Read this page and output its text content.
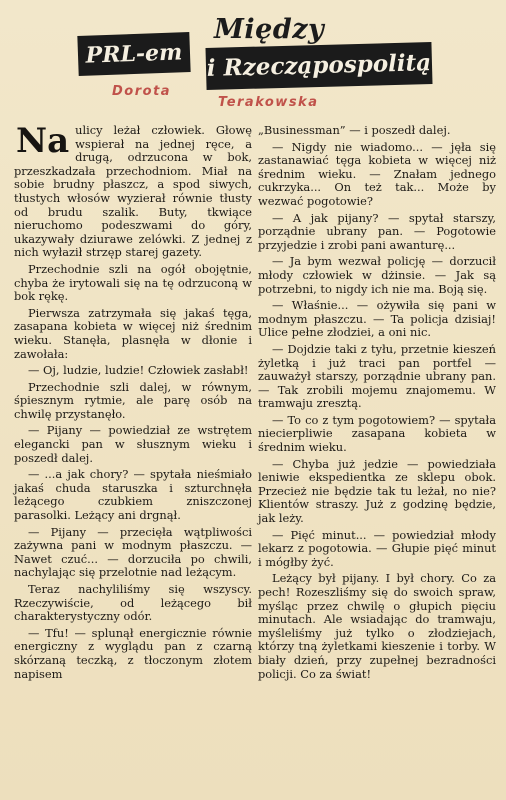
Między
PRL-em	i Rzecząpospolitą
Dorota
Terakowska

Na ulicy leżał człowiek. Głowę wspierał na jednej ręce, a drugą, odrzucona w bok, przeszkadzała przechodniom. Miał na sobie brudny płaszcz, a spod siwych, tłustych włosów wyzierał równie tłusty od brudu szalik. Buty, tkwiące nieruchomo podeszwami do góry, ukazywały dziurawe zelówki. Z jednej z nich wyłaził strzęp starej gazety.

Przechodnie szli na ogół obojętnie, chyba że irytowali się na tę odrzuconą w bok rękę.

Pierwsza zatrzymała się jakaś tęga, zasapana kobieta w więcej niż średnim wieku. Stanęła, plasnęła w dłonie i zawołała:

— Oj, ludzie, ludzie! Człowiek zasłabł!

Przechodnie szli dalej, w równym, śpiesznym rytmie, ale parę osób na chwilę przystanęło.

— Pijany — powiedział ze wstrętem elegancki pan w słusznym wieku i poszedł dalej.

— ...a jak chory? — spytała nieśmiało jakaś chuda staruszka i szturchnęła leżącego czubkiem zniszczonej parasolki. Leżący ani drgnął.

— Pijany — przecięła wątpliwości zażywna pani w modnym płaszczu. — Nawet czuć... — dorzuciła po chwili, nachylając się przelotnie nad leżącym.

Teraz nachyliliśmy się wszyscy. Rzeczywiście, od leżącego bił charakterystyczny odór.

— Tfu! — splunął energicznie równie energiczny z wyglądu pan z czarną skórzaną teczką, z tłoczonym złotem napisem

„Businessman” — i poszedł dalej.

— Nigdy nie wiadomo... — jęła się zastanawiać tęga kobieta w więcej niż średnim wieku. — Znałam jednego cukrzyka... On też tak... Może by wezwać pogotowie?

— A jak pijany? — spytał starszy, porządnie ubrany pan. — Pogotowie przyjedzie i zrobi pani awanturę...

— Ja bym wezwał policję — dorzucił młody człowiek w dżinsie. — Jak są potrzebni, to nigdy ich nie ma. Boją się.

— Właśnie... — ożywiła się pani w modnym płaszczu. — Ta policja dzisiaj! Ulice pełne złodziei, a oni nic.

— Dojdzie taki z tyłu, przetnie kieszeń żyletką i już traci pan portfel — zauważył starszy, porządnie ubrany pan. — Tak zrobili mojemu znajomemu. W tramwaju zresztą.

— To co z tym pogotowiem? — spytała niecierpliwie zasapana kobieta w średnim wieku.

— Chyba już jedzie — powiedziała leniwie ekspedientka ze sklepu obok. Przecież nie będzie tak tu leżał, no nie? Klientów straszy. Już z godzinę będzie, jak leży.

— Pięć minut... — powiedział młody lekarz z pogotowia. — Głupie pięć minut i mógłby żyć.

Leżący był pijany. I był chory. Co za pech! Rozeszliśmy się do swoich spraw, myśląc przez chwilę o głupich pięciu minutach. Ale wsiadając do tramwaju, myśleliśmy już tylko o złodziejach, którzy tną żyletkami kieszenie i torby. W biały dzień, przy zupełnej bezradności policji. Co za świat!
